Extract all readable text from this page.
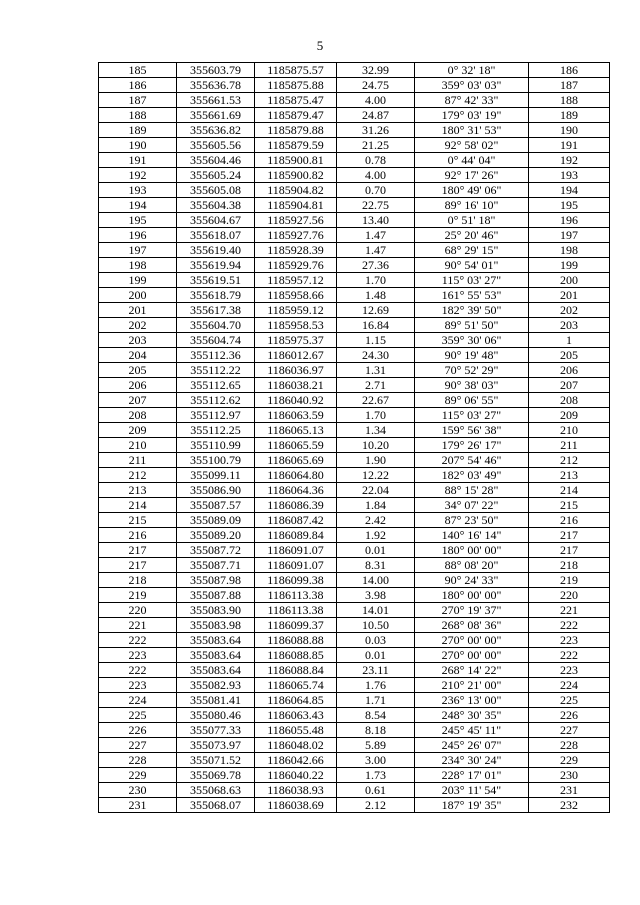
5
185	355603.79	1185875.57	32.99	0° 32' 18"	186
186	355636.78	1185875.88	24.75	359° 03' 03"	187
187	355661.53	1185875.47	4.00	87° 42' 33"	188
188	355661.69	1185879.47	24.87	179° 03' 19"	189
189	355636.82	1185879.88	31.26	180° 31' 53"	190
190	355605.56	1185879.59	21.25	92° 58' 02"	191
191	355604.46	1185900.81	0.78	0° 44' 04"	192
192	355605.24	1185900.82	4.00	92° 17' 26"	193
193	355605.08	1185904.82	0.70	180° 49' 06"	194
194	355604.38	1185904.81	22.75	89° 16' 10"	195
195	355604.67	1185927.56	13.40	0° 51' 18"	196
196	355618.07	1185927.76	1.47	25° 20' 46"	197
197	355619.40	1185928.39	1.47	68° 29' 15"	198
198	355619.94	1185929.76	27.36	90° 54' 01"	199
199	355619.51	1185957.12	1.70	115° 03' 27"	200
200	355618.79	1185958.66	1.48	161° 55' 53"	201
201	355617.38	1185959.12	12.69	182° 39' 50"	202
202	355604.70	1185958.53	16.84	89° 51' 50"	203
203	355604.74	1185975.37	1.15	359° 30' 06"	1
204	355112.36	1186012.67	24.30	90° 19' 48"	205
205	355112.22	1186036.97	1.31	70° 52' 29"	206
206	355112.65	1186038.21	2.71	90° 38' 03"	207
207	355112.62	1186040.92	22.67	89° 06' 55"	208
208	355112.97	1186063.59	1.70	115° 03' 27"	209
209	355112.25	1186065.13	1.34	159° 56' 38"	210
210	355110.99	1186065.59	10.20	179° 26' 17"	211
211	355100.79	1186065.69	1.90	207° 54' 46"	212
212	355099.11	1186064.80	12.22	182° 03' 49"	213
213	355086.90	1186064.36	22.04	88° 15' 28"	214
214	355087.57	1186086.39	1.84	34° 07' 22"	215
215	355089.09	1186087.42	2.42	87° 23' 50"	216
216	355089.20	1186089.84	1.92	140° 16' 14"	217
217	355087.72	1186091.07	0.01	180° 00' 00"	217
217	355087.71	1186091.07	8.31	88° 08' 20"	218
218	355087.98	1186099.38	14.00	90° 24' 33"	219
219	355087.88	1186113.38	3.98	180° 00' 00"	220
220	355083.90	1186113.38	14.01	270° 19' 37"	221
221	355083.98	1186099.37	10.50	268° 08' 36"	222
222	355083.64	1186088.88	0.03	270° 00' 00"	223
223	355083.64	1186088.85	0.01	270° 00' 00"	222
222	355083.64	1186088.84	23.11	268° 14' 22"	223
223	355082.93	1186065.74	1.76	210° 21' 00"	224
224	355081.41	1186064.85	1.71	236° 13' 00"	225
225	355080.46	1186063.43	8.54	248° 30' 35"	226
226	355077.33	1186055.48	8.18	245° 45' 11"	227
227	355073.97	1186048.02	5.89	245° 26' 07"	228
228	355071.52	1186042.66	3.00	234° 30' 24"	229
229	355069.78	1186040.22	1.73	228° 17' 01"	230
230	355068.63	1186038.93	0.61	203° 11' 54"	231
231	355068.07	1186038.69	2.12	187° 19' 35"	232
